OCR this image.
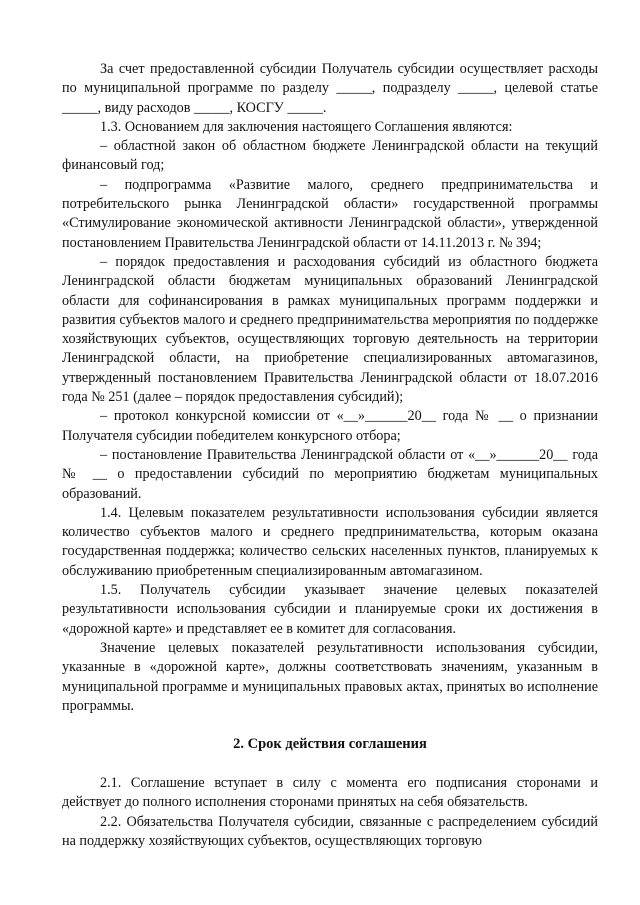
За счет предоставленной субсидии Получатель субсидии осуществляет расходы по муниципальной программе по разделу _____, подразделу _____, целевой статье _____, виду расходов _____, КОСГУ _____.

1.3. Основанием для заключения настоящего Соглашения являются:

– областной закон об областном бюджете Ленинградской области на текущий финансовый год;

– подпрограмма «Развитие малого, среднего предпринимательства и потребительского рынка Ленинградской области» государственной программы «Стимулирование экономической активности Ленинградской области», утвержденной постановлением Правительства Ленинградской области от 14.11.2013 г. № 394;

– порядок предоставления и расходования субсидий из областного бюджета Ленинградской области бюджетам муниципальных образований Ленинградской области для софинансирования в рамках муниципальных программ поддержки и развития субъектов малого и среднего предпринимательства мероприятия по поддержке хозяйствующих субъектов, осуществляющих торговую деятельность на территории Ленинградской области, на приобретение специализированных автомагазинов, утвержденный постановлением Правительства Ленинградской области от 18.07.2016 года № 251 (далее – порядок предоставления субсидий);

– протокол конкурсной комиссии от «__»______20__ года № __ о признании Получателя субсидии победителем конкурсного отбора;

– постановление Правительства Ленинградской области от «__»______20__ года № __ о предоставлении субсидий по мероприятию бюджетам муниципальных образований.

1.4. Целевым показателем результативности использования субсидии является количество субъектов малого и среднего предпринимательства, которым оказана государственная поддержка; количество сельских населенных пунктов, планируемых к обслуживанию приобретенным специализированным автомагазином.

1.5. Получатель субсидии указывает значение целевых показателей результативности использования субсидии и планируемые сроки их достижения в «дорожной карте» и представляет ее в комитет для согласования.

Значение целевых показателей результативности использования субсидии, указанные в «дорожной карте», должны соответствовать значениям, указанным в муниципальной программе и муниципальных правовых актах, принятых во исполнение программы.

2. Срок действия соглашения

2.1. Соглашение вступает в силу с момента его подписания сторонами и действует до полного исполнения сторонами принятых на себя обязательств.

2.2. Обязательства Получателя субсидии, связанные с распределением субсидий на поддержку хозяйствующих субъектов, осуществляющих торговую
